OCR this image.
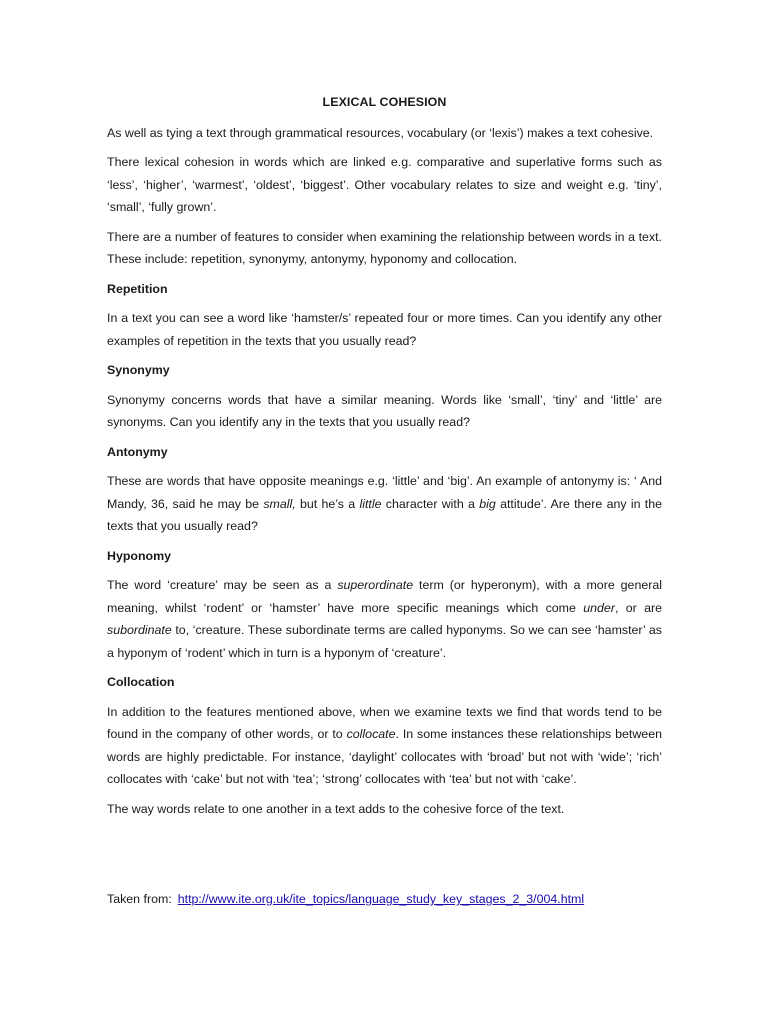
LEXICAL COHESION

As well as tying a text through grammatical resources, vocabulary (or ‘lexis’) makes a text cohesive.

There lexical cohesion in words which are linked e.g. comparative and superlative forms such as ‘less’, ‘higher’, ‘warmest’, ‘oldest’, ‘biggest’. Other vocabulary relates to size and weight e.g. ‘tiny’, ‘small’, ‘fully grown’.

There are a number of features to consider when examining the relationship between words in a text. These include: repetition, synonymy, antonymy, hyponomy and collocation.

Repetition

In a text you can see a word like ‘hamster/s’ repeated four or more times. Can you identify any other examples of repetition in the texts that you usually read?

Synonymy

Synonymy concerns words that have a similar meaning. Words like ‘small’, ‘tiny’ and ‘little’ are synonyms. Can you identify any in the texts that you usually read?

Antonymy

These are words that have opposite meanings e.g. ‘little’ and ‘big’. An example of antonymy is: ‘ And Mandy, 36, said he may be small, but he’s a little character with a big attitude’. Are there any in the texts that you usually read?

Hyponomy

The word ‘creature’ may be seen as a superordinate term (or hyperonym), with a more general meaning, whilst ‘rodent’ or ‘hamster’ have more specific meanings which come under, or are subordinate to, ‘creature. These subordinate terms are called hyponyms. So we can see ‘hamster’ as a hyponym of ‘rodent’ which in turn is a hyponym of ‘creature’.

Collocation

In addition to the features mentioned above, when we examine texts we find that words tend to be found in the company of other words, or to collocate. In some instances these relationships between words are highly predictable. For instance, ‘daylight’ collocates with ‘broad’ but not with ‘wide’; ‘rich’ collocates with ‘cake’ but not with ‘tea’; ‘strong’ collocates with ‘tea’ but not with ‘cake’.

The way words relate to one another in a text adds to the cohesive force of the text.

Taken from: http://www.ite.org.uk/ite_topics/language_study_key_stages_2_3/004.html
